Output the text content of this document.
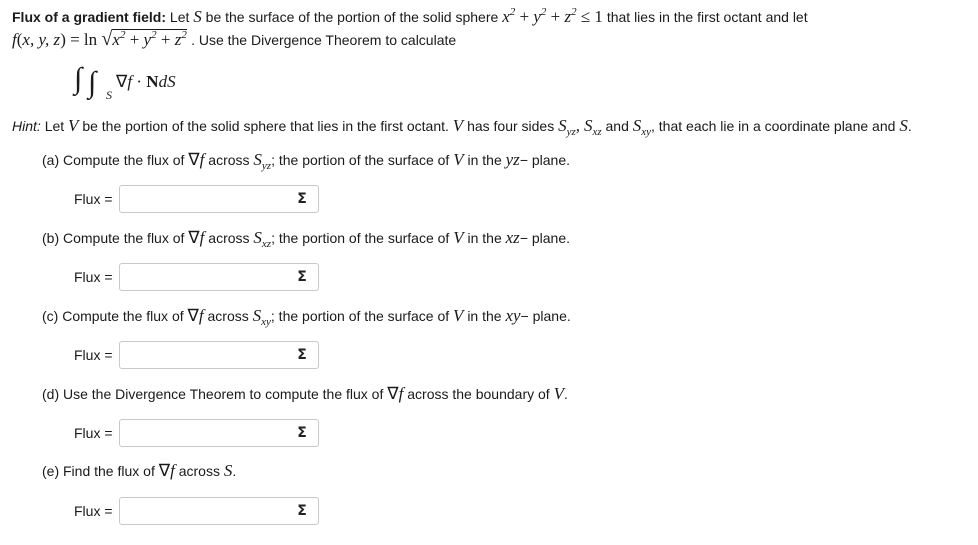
Flux of a gradient field: Let S be the surface of the portion of the solid sphere $x^2 + y^2 + z^2 \le 1$ that lies in the first octant and let
f(x, y, $z) = \ln √x^2 + y^2 + z^2$ . Use the Divergence Theorem to calculate
∫ ∫ S
∇f · NdS
Hint: Let V be the portion of the solid sphere that lies in the first octant. V has four sides $S_{yz}$, $S_{xz}$ and $S_{xy}$, that each lie in a coordinate plane and S.
(a) Compute the flux of ∇f across $S_{yz}$; the portion of the surface of V in the yz− plane.
Flux =	Σ
(b) Compute the flux of ∇f across $S_{xz}$; the portion of the surface of V in the xz− plane.
Flux =	Σ
(c) Compute the flux of ∇f across $S_{xy}$; the portion of the surface of V in the xy− plane.
Flux =	Σ
(d) Use the Divergence Theorem to compute the flux of ∇f across the boundary of V.
Flux =	Σ
(e) Find the flux of ∇f across S.
Flux =	Σ
